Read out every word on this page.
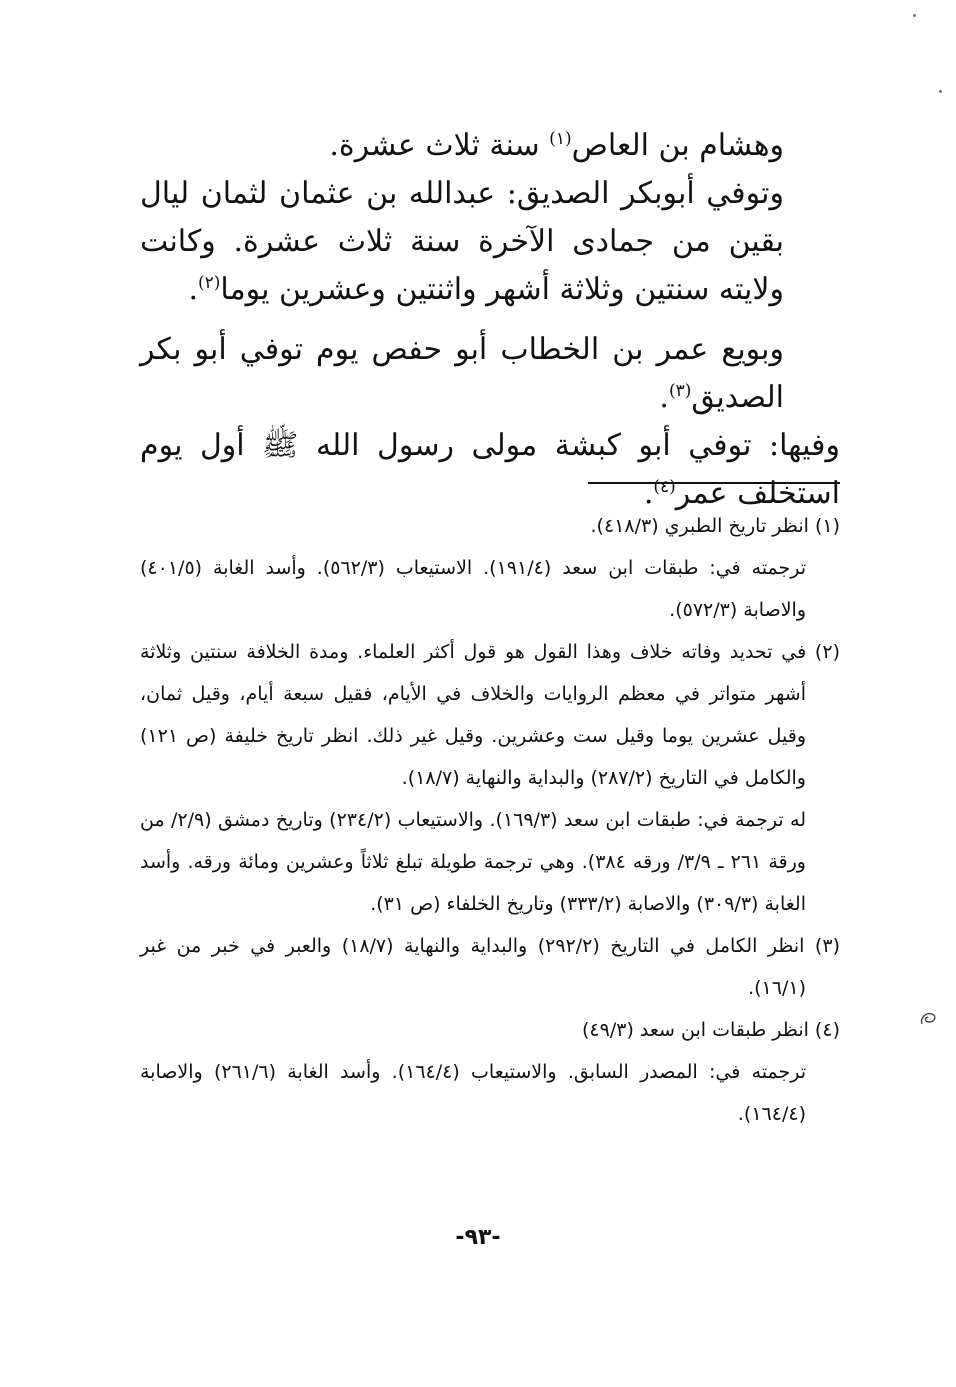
وهشام بن العاص$^{(١)}$ سنة ثلاث عشرة.

وتوفي أبوبكر الصديق: عبدالله بن عثمان لثمان ليال بقين من جمادى الآخرة سنة ثلاث عشرة. وكانت ولايته سنتين وثلاثة أشهر واثنتين وعشرين يوما$^{(٢)}$.

وبويع عمر بن الخطاب أبو حفص يوم توفي أبو بكر الصديق$^{(٣)}$.

وفيها: توفي أبو كبشة مولى رسول الله ﷺ أول يوم استخلف عمر$^{(٤)}$.

(١) انظر تاريخ الطبري (٤١٨/٣).

ترجمته في: طبقات ابن سعد (١٩١/٤). الاستيعاب (٥٦٢/٣). وأسد الغابة (٤٠١/٥) والاصابة (٥٧٢/٣).

(٢) في تحديد وفاته خلاف وهذا القول هو قول أكثر العلماء. ومدة الخلافة سنتين وثلاثة أشهر متواتر في معظم الروايات والخلاف في الأيام، فقيل سبعة أيام، وقيل ثمان، وقيل عشرين يوما وقيل ست وعشرين. وقيل غير ذلك. انظر تاريخ خليفة (ص ١٢١) والكامل في التاريخ (٢٨٧/٢) والبداية والنهاية (١٨/٧).

له ترجمة في: طبقات ابن سعد (١٦٩/٣). والاستيعاب (٢٣٤/٢) وتاريخ دمشق (٢/٩/ من ورقة ٢٦١ ـ ٣/٩/ ورقه ٣٨٤). وهي ترجمة طويلة تبلغ ثلاثاً وعشرين ومائة ورقه. وأسد الغابة (٣٠٩/٣) والاصابة (٣٣٣/٢) وتاريخ الخلفاء (ص ٣١).

(٣) انظر الكامل في التاريخ (٢٩٢/٢) والبداية والنهاية (١٨/٧) والعبر في خبر من غبر (١٦/١).

(٤) انظر طبقات ابن سعد (٤٩/٣)

ترجمته في: المصدر السابق. والاستيعاب (١٦٤/٤). وأسد الغابة (٢٦١/٦) والاصابة (١٦٤/٤).

-٩٣-
